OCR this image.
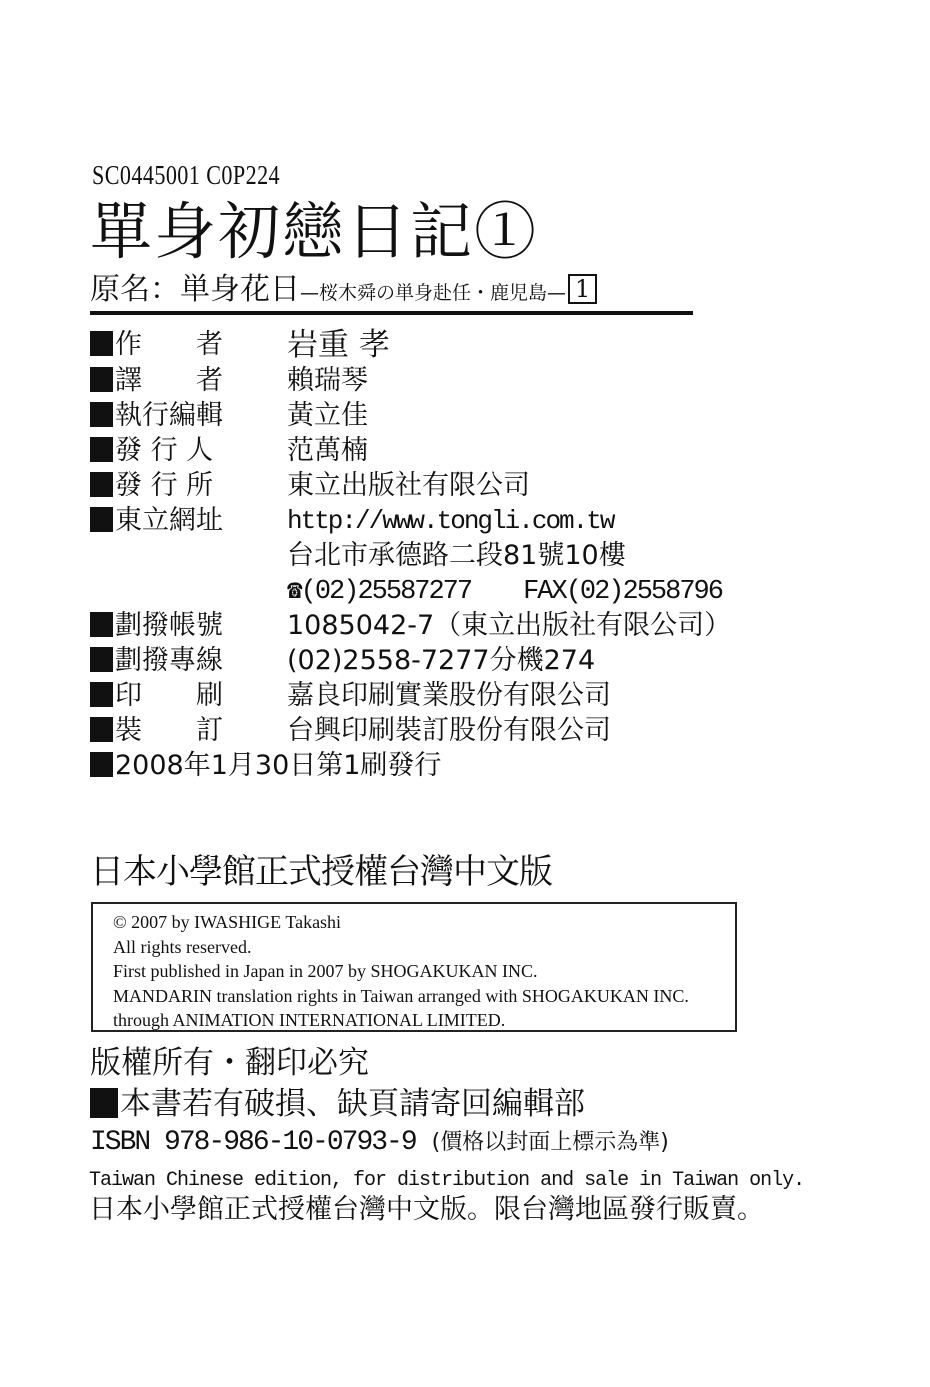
SC0445001 C0P224
單身初戀日記①
原名：単身花日—桜木舜の単身赴任・鹿児島— 1
作　　者 岩重 孝
譯　　者 賴瑞琴
執行編輯 黃立佳
發 行 人	范萬楠
發 行 所	東立出版社有限公司
東立網址 http://www.tongli.com.tw
台北市承德路二段81號10樓
☎(02)25587277 FAX(02)2558796
劃撥帳號 1085042-7（東立出版社有限公司）
劃撥專線 (02)2558-7277分機274
印　　刷 嘉良印刷實業股份有限公司
裝　　訂 台興印刷裝訂股份有限公司
2008年1月30日第1刷發行
日本小學館正式授權台灣中文版
© 2007 by IWASHIGE Takashi
All rights reserved.
First published in Japan in 2007 by SHOGAKUKAN INC.
MANDARIN translation rights in Taiwan arranged with SHOGAKUKAN INC.
through ANIMATION INTERNATIONAL LIMITED.
版權所有・翻印必究
本書若有破損、缺頁請寄回編輯部
ISBN 978-986-10-0793-9 (價格以封面上標示為準)
Taiwan Chinese edition, for distribution and sale in Taiwan only.
日本小學館正式授權台灣中文版。限台灣地區發行販賣。
